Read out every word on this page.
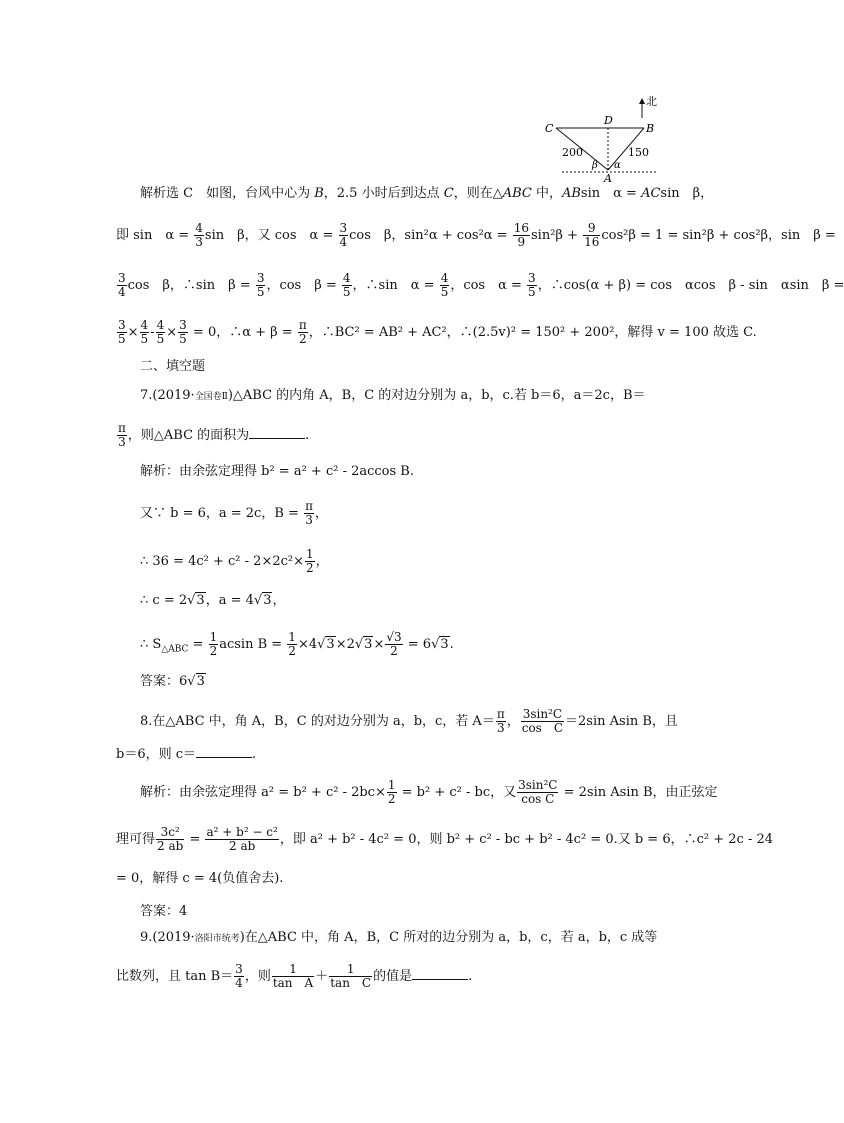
北
C
D
B
A
200	150
β α
解析选 C　如图，台风中心为 B，2.5 小时后到达点 C，则在△ABC 中，ABsin　α = ACsin　β，
即 sin　$\alpha = \frac{4}{3}$ sin　β，又 cos　$\alpha = \frac{3}{4}$ cos　β，$\sin^2\alpha + \cos^2\alpha = \frac{16}{9} \sin^2\beta + \frac{9}{16} \cos^2\beta = 1 = \sin^2\beta + \cos^2\beta$，sin　β =
$\frac{3}{4}$ cos　β，∴sin　$\beta = \frac{3}{5}$ ，cos　$\beta = \frac{4}{5}$ ，∴sin　$\alpha = \frac{4}{5}$ ，cos　$\alpha = \frac{3}{5}$ ，∴cos(α + β) = cos　αcos　β - sin　αsin　β =
$\frac{3}{5} \times \frac{4}{5} - \frac{4}{5} \times \frac{3}{5} = 0$，∴α + $\beta = \frac{\pi}{2}$ ，∴BC² = AB² + AC²，∴(2.5v)² = 150² + 200²，解得 v = 100 故选 C.
二、填空题
7.(2019·全国卷Ⅱ)△ABC 的内角 A，B，C 的对边分别为 a，b，c.若 b＝6，a＝2c，B＝
$\frac{\pi}{3}$ ，则△ABC 的面积为	.
解析：由余弦定理得 b² = a² + c² - 2accos B.
又∵ b = 6，a = 2c，$B = \frac{\pi}{3}$ ，
∴ $36 = 4c^2 + c^2 - 2\times 2c^2\times \frac{1}{2}$ ，
∴ c = 2√3，a = 4√3，
∴ $S_{\triangle ABC} = \frac{1}{2}$ acsin $B = \frac{1}{2} \times 4√3\times 2√3\times \frac{√3}{2} = 6√3$.
答案：6√3
8.在△ABC 中，角 A，B，C 的对边分别为 a，b，c，若 $A= \frac{\pi}{3}$ ， $\frac{\text{3sin²C}}{\text{cos　C}} =2\sin$ Asin B，且
b＝6，则 c＝	.
解析：由余弦定理得 $a^2 = b^2 + c^2 - 2bc\times \frac{1}{2} = b^2 + c^2$ - bc，又 $\frac{\text{3sin²C}}{\text{cos C}} = 2\sin$ Asin B，由正弦定
理可得 $\frac{\text{3c²}}{2 ab} = \frac{\text{a² + b² − c²}}{2 ab}$ ，即 a² + b² - 4c² = 0，则 b² + c² - bc + b² - 4c² = 0.又 b = 6，∴c² + 2c - 24
= 0，解得 c = 4(负值舍去).
答案：4
9.(2019·洛阳市统考)在△ABC 中，角 A，B，C 所对的边分别为 a，b，c，若 a，b，c 成等
比数列，且 $\tan B= \frac{3}{4}$ ，则 $\frac{1}{\text{tan　A}} + \frac{1}{\text{tan　C}}$ 的值是	.
